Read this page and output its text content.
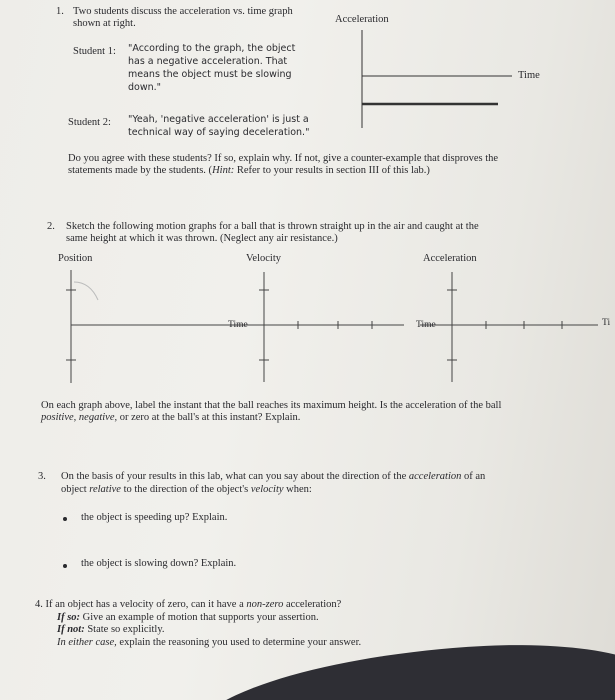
1. Two students discuss the acceleration vs. time graph
shown at right.	Acceleration
Time
Student 1: "According to the graph, the object
has a negative acceleration. That
means the object must be slowing
down."
Student 2: "Yeah, 'negative acceleration' is just a
technical way of saying deceleration."
Do you agree with these students? If so, explain why. If not, give a counter-example that disproves the
statements made by the students. (Hint: Refer to your results in section III of this lab.)
2. Sketch the following motion graphs for a ball that is thrown straight up in the air and caught at the
same height at which it was thrown. (Neglect any air resistance.)
Position	Velocity	Acceleration
Time	Time	Ti
On each graph above, label the instant that the ball reaches its maximum height. Is the acceleration of the ball
positive, negative, or zero at the ball's at this instant? Explain.
3. On the basis of your results in this lab, what can you say about the direction of the acceleration of an
object relative to the direction of the object's velocity when:
the object is speeding up? Explain.
the object is slowing down? Explain.
4. If an object has a velocity of zero, can it have a non-zero acceleration?
If so: Give an example of motion that supports your assertion.
If not: State so explicitly.
In either case, explain the reasoning you used to determine your answer.
